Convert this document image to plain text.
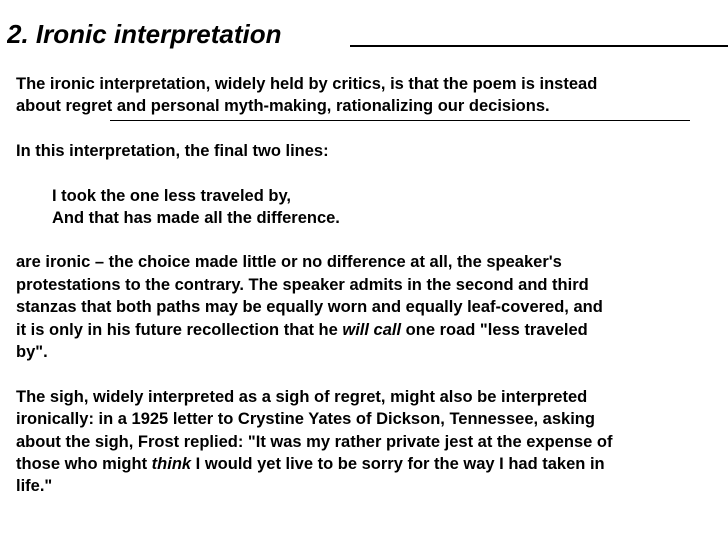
2. Ironic interpretation
The ironic interpretation, widely held by critics, is that the poem is instead
about regret and personal myth-making, rationalizing our decisions.
In this interpretation, the final two lines:
I took the one less traveled by,
And that has made all the difference.
are ironic – the choice made little or no difference at all, the speaker's
protestations to the contrary. The speaker admits in the second and third
stanzas that both paths may be equally worn and equally leaf-covered, and
it is only in his future recollection that he will call one road "less traveled
by".
The sigh, widely interpreted as a sigh of regret, might also be interpreted
ironically: in a 1925 letter to Crystine Yates of Dickson, Tennessee, asking
about the sigh, Frost replied: "It was my rather private jest at the expense of
those who might think I would yet live to be sorry for the way I had taken in
life."
